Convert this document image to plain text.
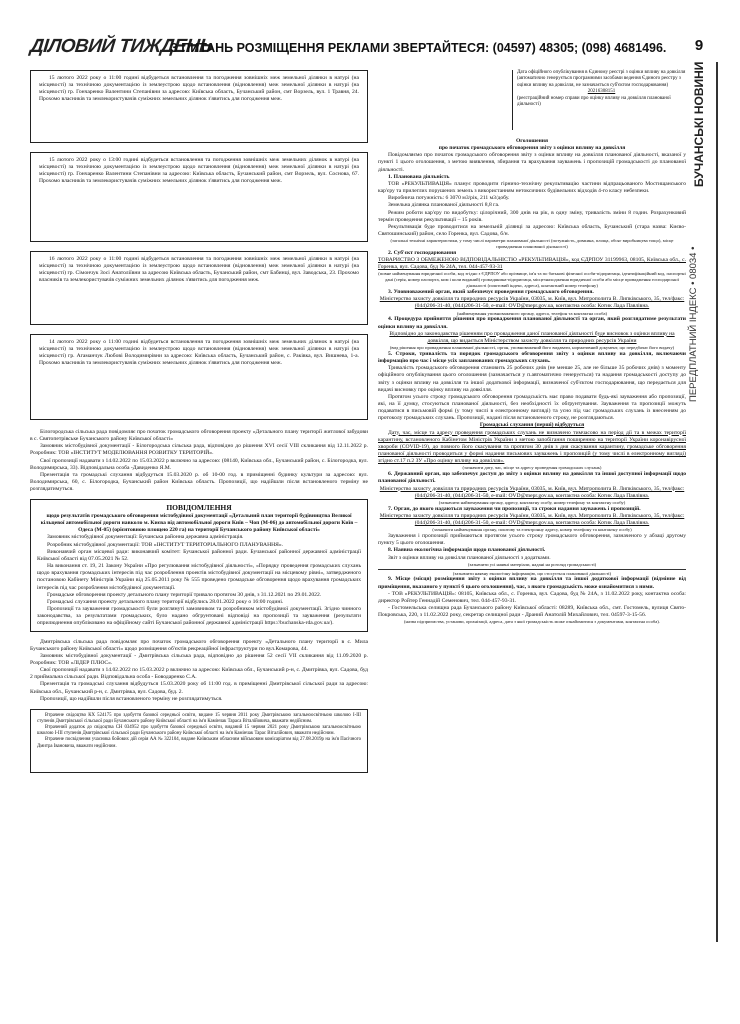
ДІЛОВИЙ ТИЖДЕНЬ
З ПИТАНЬ РОЗМІЩЕННЯ РЕКЛАМИ ЗВЕРТАЙТЕСЯ: (04597) 48305; (098) 4681496.	9
БУЧАНСЬКІ НОВИНИ
ПЕРЕДПЛАТНИЙ ІНДЕКС • 08034 •
15 лютого 2022 року о 11:00 годині відбудеться встановлення та погодження зовнішніх меж земельної ділянки в натурі (на місцевості) за технічною документацією із землеустрою щодо встановлення (відновлення) меж земельної ділянки в натурі (на місцевості) гр. Гончаренко Валентини Степанівни за адресою: Київська область, Бучанський район, смт Ворзель, вул. 1 Травня, 24. Прохомо власників та землекористувачів суміжних земельних ділянок з'явитись для погодження меж.
15 лютого 2022 року о 13:00 годині відбудеться встановлення та погодження зовнішніх меж земельних ділянок в натурі (на місцевості) за технічною документацією із землеустрою щодо встановлення (відновлення) меж земельної ділянки в натурі (на місцевості) гр. Гончаренко Валентини Степанівни за адресою: Київська область, Бучанський район, смт Ворзель, вул. Соснова, 67. Прохомо власників та землекористувачів суміжних земельних ділянок з'явитись для погодження меж.
16 лютого 2022 року о 11:00 годині відбудеться встановлення та погодження зовнішніх меж земельної ділянки в натурі (на місцевості) за технічною документацією із землеустрою щодо встановлення (відновлення) меж земельної ділянки в натурі (на місцевості) гр. Сімончук Зосі Анатоліївни за адресою Київська область, Бучанський район, смт Бабинці, вул. Заводська, 23. Прохомо власників та землекористувачів суміжних земельних ділянок з'явитись для погодження меж.
14 лютого 2022 року о 11:00 годині відбудеться встановлення та погодження зовнішніх меж земельних ділянок в натурі (на місцевості) за технічною документацією із землеустрою щодо встановлення (відновлення) меж земельної ділянки в натурі (на місцевості) гр. Агаманчук Любові Володимирівни за адресою: Київська область, Бучанський район, с. Раківка, вул. Вишнева, 1-а. Прохомо власників та землекористувачів суміжних земельних ділянок з'явитись для погодження меж.

Білогородська сільська рада повідомляє про початок громадського обговорення проекту «Детального плану території житлової забудови в с. Святопетрівське Бучанського району Київської області»

Замовник містобудівної документації - Білогородська сільська рада, відповідно до рішення XVI сесії VIII скликання від 12.11.2022 р. Розробник: ТОВ «ІНСТИТУТ МОДЕЛЮВАННЯ РОЗВИТКУ ТЕРИТОРІЙ».

Свої пропозиції надавати з 14.02.2022 по 15.03.2022 р включно за адресою: (08140, Київська обл., Бучанський район, с. Білогородка, вул. Володимирська, 33). Відповідальна особа -Давиденко Я.М.

Презентація та громадські слухання відбудуться 15.03.2020 р. об 10-00 год. в приміщенні будинку культури за адресою: вул. Володимирська, 60, с. Білогородка, Бучанський район Київська область. Пропозиції, що надійшли після встановленого терміну не розглядатимуться.

ПОВІДОМЛЕННЯ
щодо результатів громадського обговорення містобудівної документації «Детальний план території будівництва Великої кільцевої автомобільної дороги навколо м. Києва від автомобільної дороги Київ – Чоп (М-06) до автомобільної дороги Київ – Одеса (М-05) (орієнтовною площею 220 га) на території Бучанського району Київської області»

Замовник містобудівної документації: Бучанська районна державна адміністрація.

Розробник містобудівної документації: ТОВ «ІНСТИТУТ ТЕРИТОРІАЛЬНОГО ПЛАНУВАННЯ».

Виконавчий орган місцевої ради: виконавчий комітет: Бучанської районної ради. Бучанської районної державної адміністрації Київської області від 07.05.2021 № 52.

На виконання ст. 19, 21 Закону України «Про регулювання містобудівної діяльності», «Порядку проведення громадських слухань щодо врахування громадських інтересів під час розроблення проектів містобудівної документації на місцевому рівні», затвердженого постановою Кабінету Міністрів України від 25.05.2011 року № 555 проведено громадське обговорення щодо врахування громадських інтересів під час розроблення містобудівної документації.

Громадське обговорення проекту детального плану території тривало протягом 30 днів, з 31.12.2021 по 29.01.2022.

Громадські слухання проекту детального плану території відбулись 28.01.2022 року о 16:00 годині.

Пропозиції та зауваження громадськості були розглянуті замовником та розробником містобудівної документації. Згідно чинного законодавства, за результатами громадських, було надано обгрунтовані відповіді на пропозиції та зауваження (результати оприлюднення опубліковано на офіційному сайті Бучанської районної державної адміністрації https://buchanska-rda.gov.ua/).

Дмитрівська сільська рада повідомляє про початок громадського обговорення проекту «Детального плану території в с. Мила Бучанського району Київської області» щодо розміщення об'єктів рекреаційної інфраструктури по вул.Комарова, 44.

Замовник містобудівної документації - Дмитрівська сільська рада, відповідно до рішення 52 сесії VII скликання від 11.09.2020 р. Розробник: ТОВ «ЛІДЕР ПЛЮС».

Свої пропозиції надавати з 14.02.2022 по 15.03.2022 р включно за адресою: Київська обл., Бучанський р-н, с. Дмитрівка, вул. Садова, буд 2 приймальна сільської ради. Відповідальна особа - Боводаренко С.А.

Презентація та громадські слухання відбудуться 15.03.2020 року об 11:00 год. в приміщенні Дмитрівської сільської ради за адресою: Київська обл., Бучанський р-н, с. Дмитрівка, вул. Садова, буд. 2.

Пропозиції, що надійшли після встановленого терміну не розглядатимуться.

Втрачене свідоцтво КХ 524175 про здобуття базової середньої освіти, видане 15 червня 2011 року Дмитрівською загальноосвітньою школою І-ІІІ ступенів Дмитрівської сільської ради Бучанського району Київської області на ім'я Камінчак Тараса Віталійовича, вважати недійсним.

Втрачений додаток до свідоцтва СН 034952 про здобуття базової середньої освіти, виданий 15 червня 2021 року Дмитрівською загальноосвітньою школою І-ІІІ ступенів Дмитрівської сільської ради Бучанського району Київської області на ім'я Камінчак Тарас Віталійович, вважати недійсним.

Втрачене посвідчення учасника бойових дій серія АА № 322104, видане Київським обласним військовим комісаріатом від 27.08.2019р на ім'я Пасічного Дмитра Івановича, вважати недійсним.

Дата офіційного опублікування в Єдиному реєстрі з оцінки впливу на довкілля

(автоматично генерується програмними засобами ведення Єдиного реєстру з оцінки впливу на довкілля, не зазначається суб'єктом господарювання)

20216308151

(реєстраційний номер справи про оцінку впливу на довкілля планованої діяльності)

Оголошення

про початок громадського обговорення звіту з оцінки впливу на довкілля

Повідомляємо про початок громадського обговорення звіту з оцінки впливу на довкілля планованої діяльності, вказаної у пункті 1 цього оголошення, з метою виявлення, збирання та врахування зауважень і пропозицій громадськості до планованої діяльності.

1. Планована діяльність

ТОВ «РЕКУЛЬТИВАЦІЯ» планує проводити гірничо-технічну рекультивацію частини відпрацьованого Мостищанського кар'єру та прилеглих порушених земель з використанням нетоксичних будівельних відходів 4-го класу небезпеки.

Виробнича потужність: 6 3070 м3/рік, 211 м3/добу.

Земельна ділянка планованої діяльності 8,8 га.

Режим роботи кар'єру по видобутку: цілорічний, 300 днів на рік, в одну зміну, тривалість зміни 8 годин. Розрахунковий термін проведення рекультивації – 15 років.

Рекультивація буде проводитися на земельній ділянці за адресою: Київська область, Бучанський (стара назва: Києво-Святошинський) район, село Горенка, вул. Садова, б/н.

(загальні технічні характеристики, у тому числі параметри планованої діяльності (потужність, довжина, площа, обсяг виробництва тощо), місце провадження планованої діяльності)

2. Суб'єкт господарювання

ТОВАРИСТВО З ОБМЕЖЕНОЮ ВІДПОВІДАЛЬНІСТЮ «РЕКУЛЬТИВАЦІЯ», код ЄДРПОУ 31199963, 08105, Київська обл., с. Горенка, вул. Садова, буд № 24А, тел. 044-457-93-31

(повне найменування юридичної особи, код згідно з ЄДРПОУ або прізвище, ім'я та по батькові фізичної особи-підприємця, ідентифікаційний код, паспортні дані (серія, номер паспорта, ким і коли виданий) громадянина-підприємця, місцезнаходження юридичної особи або місце провадження господарської діяльності (поштовий індекс, адреса), контактний номер телефону)

3. Уповноважений орган, який забезпечує проведення громадського обговорення.

Міністерство захисту довкілля та природних ресурсів України, 03035, м. Київ, вул. Митрополита В. Липківського, 35, тел/факс: (044)206-31-40, (044)206-31-50, e-mail: OVD@mepr.gov.ua, контактна особа: Котик Лада Павлівна.

(найменування уповноваженого органу, адреса, телефон та контактна особа)

4. Процедура прийняття рішення про провадження планованої діяльності та орган, який розглядатиме результати оцінки впливу на довкілля.

Відповідно до законодавства рішенням про провадження даної планованої діяльності буде висновок з оцінки впливу на довкілля, що видається Міністерством захисту довкілля та природних ресурсів України

(вид рішення про провадження планованої діяльності, орган, уповноважений його видавати, нормативний документ, що передбачає його видачу)

5. Строки, тривалість та порядок громадського обговорення звіту з оцінки впливу на довкілля, включаючи інформацію про час і місце усіх запланованих громадських слухань.

Тривалість громадського обговорення становить 25 робочих днів (не менше 25, але не більше 35 робочих днів) з моменту офіційного опублікування цього оголошення (зазначається у п.автоматично генерується) та надання громадськості доступу до звіту з оцінки впливу на довкілля та іншої додаткової інформації, визначеної суб'єктом господарювання, що передається для видачі висновку про оцінку впливу на довкілля.

Протягом усього строку громадського обговорення громадськість має право подавати будь-які зауваження або пропозиції, які, на її думку, стосуються планованої діяльності, без необхідності їх обґрунтування. Зауваження та пропозиції можуть подаватися в письмовій формі (у тому числі в електронному вигляді) та усно під час громадських слухань із внесенням до протоколу громадських слухань. Пропозиції, надані після встановленого строку, не розглядаються.

Громадські слухання (перші) відбудуться

Дату, час, місце та адресу проведення громадських слухань не визначено тимчасово на період дії та в межах території карантину, встановленого Кабінетом Міністрів України з метою запобігання поширенню на території України коронавірусної хвороби (COVID-19), до повного його скасування та протягом 30 днів з дня скасування карантину, громадське обговорення планованої діяльності проводиться у формі надання письмових зауважень і пропозицій (у тому числі в електронному вигляді) згідно ст.17 п.2 ЗУ «Про оцінку впливу на довкілля».

(зазначити дату, час, місце та адресу проведення громадських слухань)

6. Державний орган, що забезпечує доступ до звіту з оцінки впливу на довкілля та іншої доступної інформації щодо планованої діяльності.

Міністерство захисту довкілля та природних ресурсів України, 03035, м. Київ, вул. Митрополита В. Липківського, 35, тел/факс: (044)206-31-40, (044)206-31-50, e-mail: OVD@mepr.gov.ua, контактна особа: Котик Лада Павлівна.

(зазначити найменування органу, адресу, контактну особу, номер телефону та контактну особу)

7. Орган, до якого надаються зауваження чи пропозиції, та строки надання зауважень і пропозицій.

Міністерство захисту довкілля та природних ресурсів України, 03035, м. Київ, вул. Митрополита В. Липківського, 35, тел/факс: (044)206-31-40, (044)206-31-50, e-mail: OVD@mepr.gov.ua, контактна особа: Котик Лада Павлівна.

(зазначити найменування органу, поштову та електронну адресу, номер телефону та контактну особу)

Зауваження і пропозиції приймаються протягом усього строку громадського обговорення, зазначеного у абзаці другому пункту 5 цього оголошення.

8. Наявна екологічна інформація щодо планованої діяльності.

Звіт з оцінки впливу на довкілля планованої діяльності з додатками.

(зазначити усі наявні матеріали, надані на розгляд громадськості)

(зазначити наявну екологічну інформацію, що стосується планованої діяльності)

9. Місце (місця) розміщення звіту з оцінки впливу на довкілля та іншої додаткової інформації (відмінне від приміщення, вказаного у пункті 6 цього оголошення), час, з якого громадськість може ознайомитися з ними.

- ТОВ «РЕКУЛЬТИВАЦІЯ»: 08105, Київська обл., с. Горенка, вул. Садова, буд № 24А, з 11.02.2022 року, контактна особа: директор Ройтер Геннадій Семенович, тел. 044-457-93-31.

- Гостомельська селищна рада Бучанського району Київської області: 08289, Київська обл., смт. Гостомель, вулиця Свято-Покровська, 220, з 11.02.2022 року, секретар селищної ради - Драний Анатолій Михайлович, тел. 04597-3-15-56.

(назва підприємства, установи, організації, адреса, дата з якої громадськість може ознайомитися з документами, контактна особа).
